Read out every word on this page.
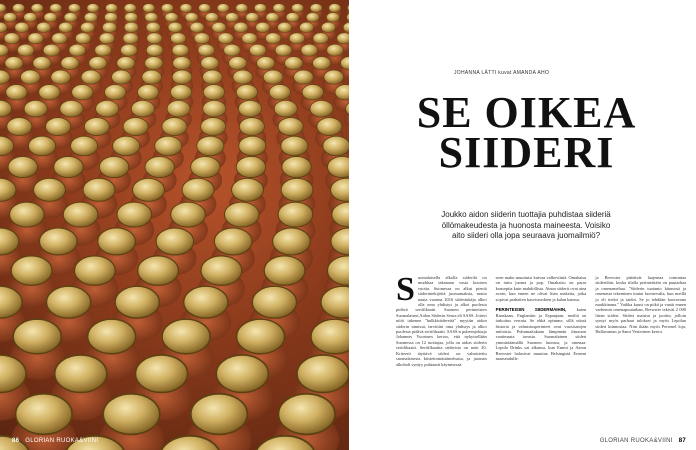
86 GLORIAN RUOKA&VIINI
JOHANNA LÄTTI kuvat AMANDA AHO
SE OIKEA
SIIDERI
Joukko aidon siiderin tuottajia puhdistaa siideriä öllömakeudesta ja huonosta maineesta. Voisiko aito siideri olla jopa seuraava juomailmiö?
S uomalaisella alkolla siiderilä on murkkaa takanaan vasta koutsen vuotta. Suomessa on alkut pieniä siiderintekijöitä juomamaksia, mutta nauta vuonna 2016 siiderinkäju alkoi olla oma yhdistys ja alkoi puolesta pidävä sertifikaatti. Suomen perinteisten Suomalaisen Aidon Siiderin Seura eli SASS. Jotteri niitä tukenne "bulkkisiidereitä" myytiin aidon siiderin nimissä, tarvittiin oma yhdistys ja alkoi puolesta pidävä sertifikaatti. SASS:n puheenjohtaja Johannes Vuorinen kertoo, että nykyisellään Suomessa on 12 tuottajaa, jolla on aidon siiderin sertifikaatti. Sertifikaattia siiderista on noin 20. Kriteerit täyttävä siideri on valmistettu suomalaisesta kiistettomästämehusta, ja juoman alkoholi syntyy puhtaasti käymisessä.
seen maku muuttuisi kuivaa valkoviiniä. Omakaisu on tuttu juoma ja pop. Omakaisu on paras konseptia kuin mahdollista. Ainoa siiderit ovat aina avoin, kun ennen ne olivat liian makeita, jotka sopivat parhaiten kasvisruokien ja kalan kanssa.

PERINTEISIIN SIIDERMAIHIN, kuten Ranskaan, Englantiin ja Espanjaan, meiltä on tarkoitus verrata. Se ehkä opimme, sillä niissä historia ja valmistusperinteet ovat vuosisatojen mittaisia. Puhumattakaan lämpimän ilmaston vaatimasta tavasta. Suomalainen siideri ymmärtäämällä Suomen luontoa, ja omenaa. Lepola Drinks sai alkunsa, kun Emmi ja Aaron Brewster halusivat muuttaa Helsingistä Ermeni maaseudulle.
ja Brewster päättivät laajentaa toimintaa siideriihin, koska tilalla perinteittäin on puutarhaa ja omenamehua. "Siiderin tuotanto kiinnosti ja omenasta tekeminen tuntui luontevalta, kun meillä jo oli tiedot ja taidot. Se jo tehdään kasvavana markkinana." Vaikka kuusi on pitkä ja vaatii ennen varhemin omenapuutarhan, Brewster tekivät 2 000 litran siideri. Siideri maistui ja juotiin, jolloin syntyi myös parhaat tulokset ja myös Lepolan siideri kiinnostaa. Niin ikään myös Perrenel loja, Hallavanian ja Sami Vesterinen kertoi.
GLORIAN RUOKA&VIINI 87
